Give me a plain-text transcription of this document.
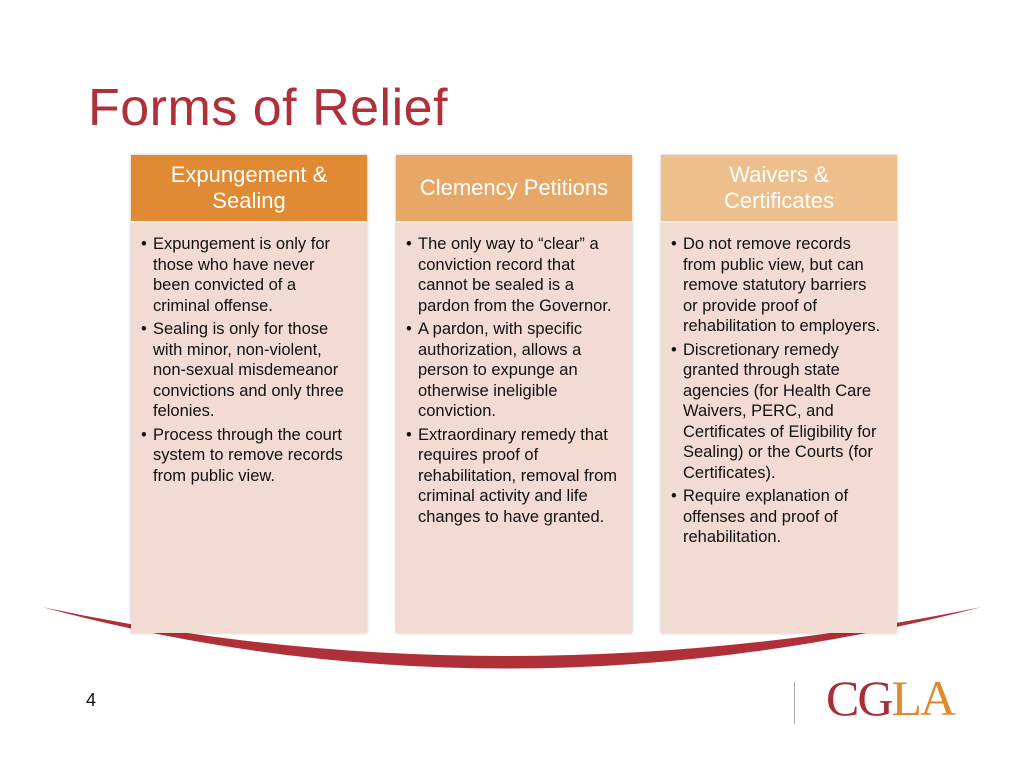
Forms of Relief
Expungement & Sealing
• Expungement is only for those who have never been convicted of a criminal offense.
• Sealing is only for those with minor, non-violent, non-sexual misdemeanor convictions and only three felonies.
• Process through the court system to remove records from public view.
Clemency Petitions
• The only way to “clear” a conviction record that cannot be sealed is a pardon from the Governor.
• A pardon, with specific authorization, allows a person to expunge an otherwise ineligible conviction.
• Extraordinary remedy that requires proof of rehabilitation, removal from criminal activity and life changes to have granted.
Waivers & Certificates
• Do not remove records from public view, but can remove statutory barriers or provide proof of rehabilitation to employers.
• Discretionary remedy granted through state agencies (for Health Care Waivers, PERC, and Certificates of Eligibility for Sealing) or the Courts (for Certificates).
• Require explanation of offenses and proof of rehabilitation.
4	CGLA
